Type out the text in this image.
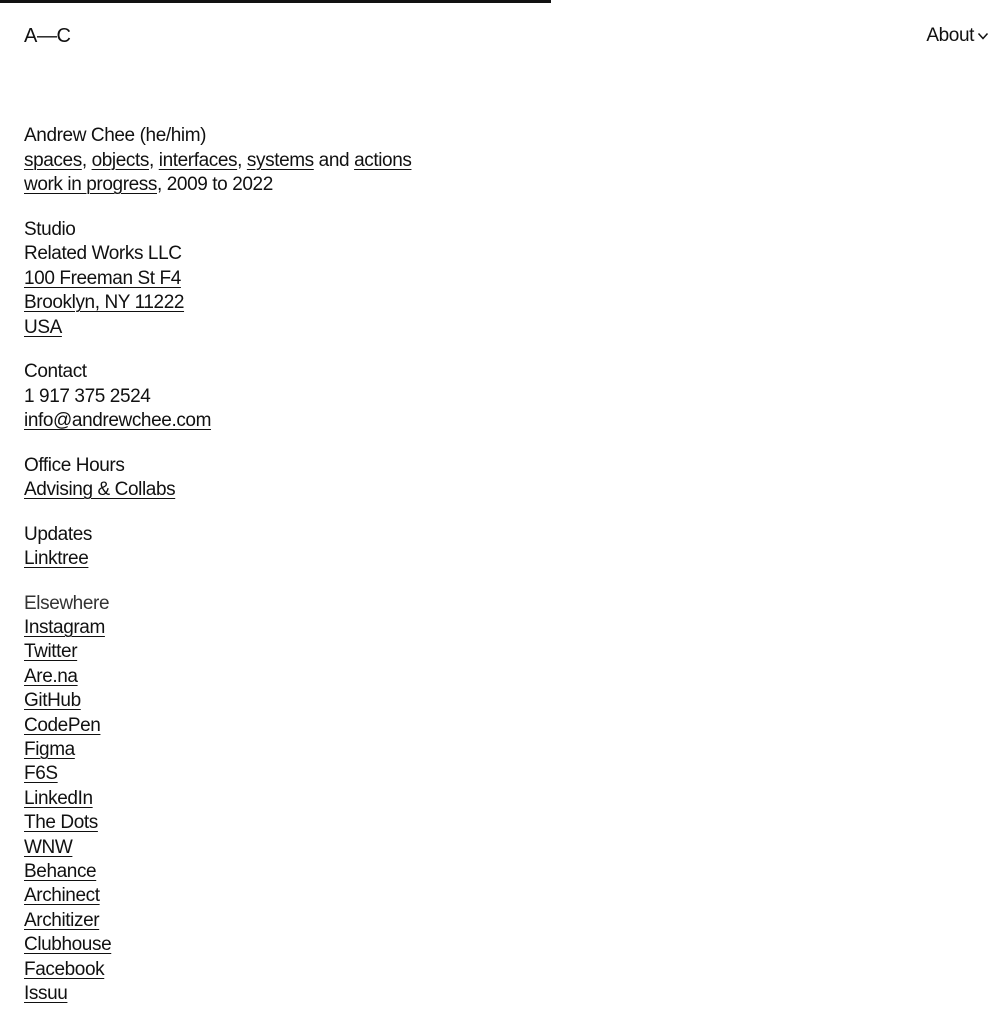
A—C	About
Andrew Chee (he/him)
spaces, objects, interfaces, systems and actions
work in progress, 2009 to 2022
Studio
Related Works LLC
100 Freeman St F4
Brooklyn, NY 11222
USA
Contact
1 917 375 2524
info@andrewchee.com
Office Hours
Advising & Collabs
Updates
Linktree
Elsewhere
Instagram
Twitter
Are.na
GitHub
CodePen
Figma
F6S
LinkedIn
The Dots
WNW
Behance
Archinect
Architizer
Clubhouse
Facebook
Issuu
